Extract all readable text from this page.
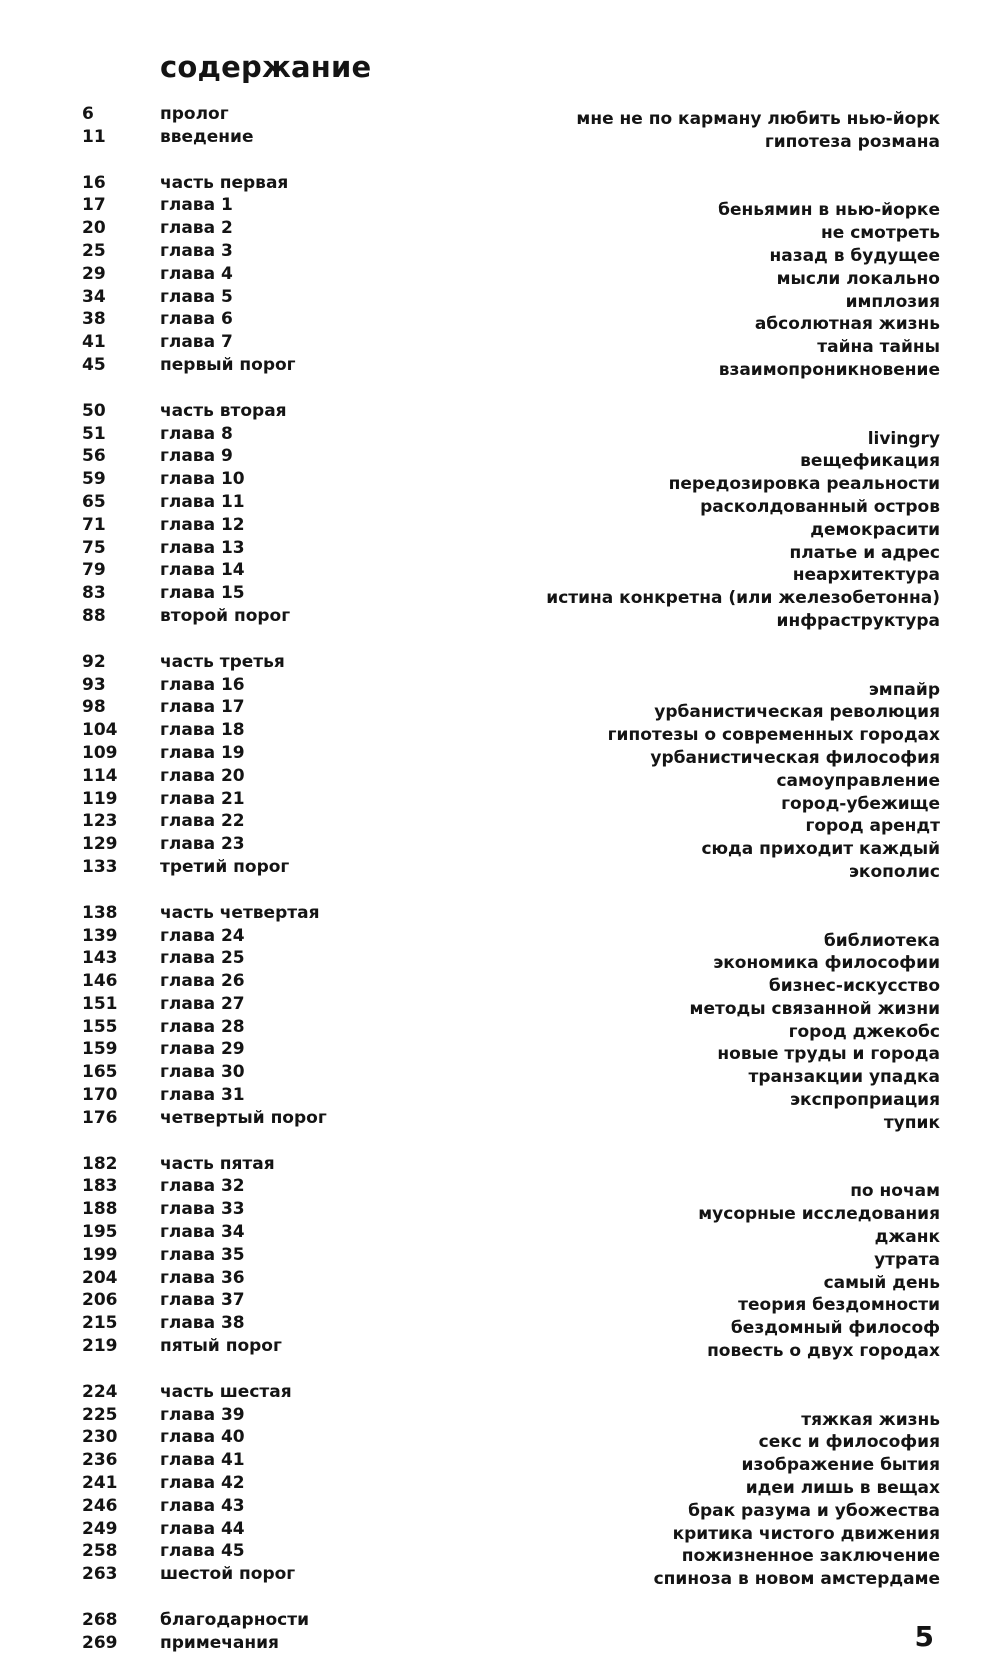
содержание
6	пролог	мне не по карману любить нью-йорк
11	введение	гипотеза розмана
16	часть первая
17	глава 1	беньямин в нью-йорке
20	глава 2	не смотреть
25	глава 3	назад в будущее
29	глава 4	мысли локально
34	глава 5	имплозия
38	глава 6	абсолютная жизнь
41	глава 7	тайна тайны
45	первый порог	взаимопроникновение
50	часть вторая
51	глава 8	livingry
56	глава 9	вещефикация
59	глава 10	передозировка реальности
65	глава 11	расколдованный остров
71	глава 12	демокрасити
75	глава 13	платье и адрес
79	глава 14	неархитектура
83	глава 15	истина конкретна (или железобетонна)
88	второй порог	инфраструктура
92	часть третья
93	глава 16	эмпайр
98	глава 17	урбанистическая революция
104	глава 18	гипотезы о современных городах
109	глава 19	урбанистическая философия
114	глава 20	самоуправление
119	глава 21	город-убежище
123	глава 22	город арендт
129	глава 23	сюда приходит каждый
133	третий порог	экополис
138	часть четвертая
139	глава 24	библиотека
143	глава 25	экономика философии
146	глава 26	бизнес-искусство
151	глава 27	методы связанной жизни
155	глава 28	город джекобс
159	глава 29	новые труды и города
165	глава 30	транзакции упадка
170	глава 31	экспроприация
176	четвертый порог	тупик
182	часть пятая
183	глава 32	по ночам
188	глава 33	мусорные исследования
195	глава 34	джанк
199	глава 35	утрата
204	глава 36	самый день
206	глава 37	теория бездомности
215	глава 38	бездомный философ
219	пятый порог	повесть о двух городах
224	часть шестая
225	глава 39	тяжкая жизнь
230	глава 40	секс и философия
236	глава 41	изображение бытия
241	глава 42	идеи лишь в вещах
246	глава 43	брак разума и убожества
249	глава 44	критика чистого движения
258	глава 45	пожизненное заключение
263	шестой порог	спиноза в новом амстердаме
268	благодарности
269	примечания	5
